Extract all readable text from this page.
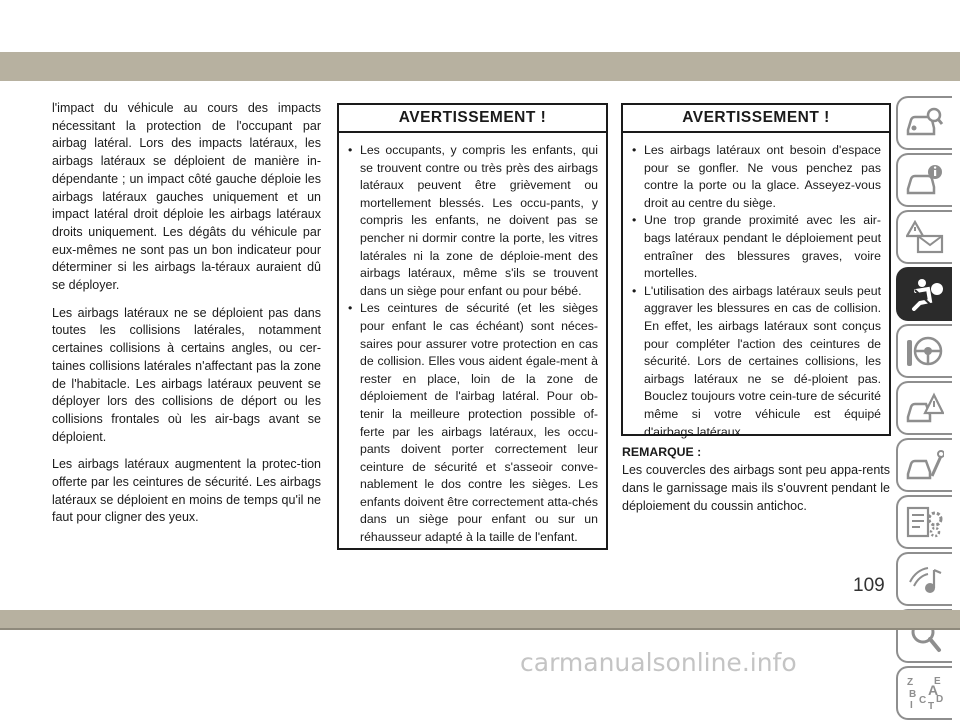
l'impact du véhicule au cours des impacts nécessitant la protection de l'occupant par airbag latéral. Lors des impacts latéraux, les airbags latéraux se déploient de manière in-dépendante ; un impact côté gauche déploie les airbags latéraux gauches uniquement et un impact latéral droit déploie les airbags latéraux droits uniquement. Les dégâts du véhicule par eux-mêmes ne sont pas un bon indicateur pour déterminer si les airbags la-téraux auraient dû se déployer.

Les airbags latéraux ne se déploient pas dans toutes les collisions latérales, notamment certaines collisions à certains angles, ou cer-taines collisions latérales n'affectant pas la zone de l'habitacle. Les airbags latéraux peuvent se déployer lors des collisions de déport ou les collisions frontales où les air-bags avant se déploient.

Les airbags latéraux augmentent la protec-tion offerte par les ceintures de sécurité. Les airbags latéraux se déploient en moins de temps qu'il ne faut pour cligner des yeux.

AVERTISSEMENT !
• Les occupants, y compris les enfants, qui se trouvent contre ou très près des airbags latéraux peuvent être grièvement ou mortellement blessés. Les occu-pants, y compris les enfants, ne doivent pas se pencher ni dormir contre la porte, les vitres latérales ni la zone de déploie-ment des airbags latéraux, même s'ils se trouvent dans un siège pour enfant ou pour bébé.
• Les ceintures de sécurité (et les sièges pour enfant le cas échéant) sont néces-saires pour assurer votre protection en cas de collision. Elles vous aident égale-ment à rester en place, loin de la zone de déploiement de l'airbag latéral. Pour ob-tenir la meilleure protection possible of-ferte par les airbags latéraux, les occu-pants doivent porter correctement leur ceinture de sécurité et s'asseoir conve-nablement le dos contre les sièges. Les enfants doivent être correctement atta-chés dans un siège pour enfant ou sur un réhausseur adapté à la taille de l'enfant.
AVERTISSEMENT !
• Les airbags latéraux ont besoin d'espace pour se gonfler. Ne vous penchez pas contre la porte ou la glace. Asseyez-vous droit au centre du siège.
• Une trop grande proximité avec les air-bags latéraux pendant le déploiement peut entraîner des blessures graves, voire mortelles.
• L'utilisation des airbags latéraux seuls peut aggraver les blessures en cas de collision. En effet, les airbags latéraux sont conçus pour compléter l'action des ceintures de sécurité. Lors de certaines collisions, les airbags latéraux ne se dé-ploient pas. Bouclez toujours votre cein-ture de sécurité même si votre véhicule est équipé d'airbags latéraux.
REMARQUE :
Les couvercles des airbags sont peu appa-rents dans le garnissage mais ils s'ouvrent pendant le déploiement du coussin antichoc.
Z E
B A
C D
I T
109
carmanualsonline.info
